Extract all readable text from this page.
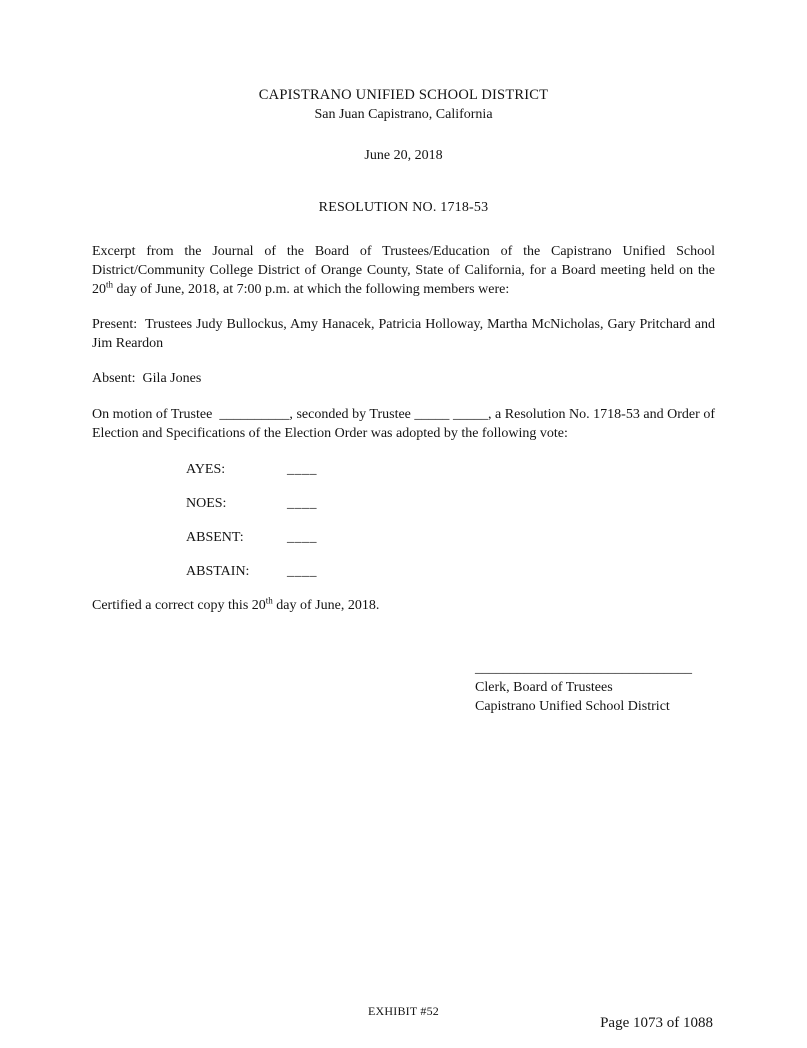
CAPISTRANO UNIFIED SCHOOL DISTRICT
San Juan Capistrano, California
June 20, 2018
RESOLUTION NO. 1718-53

Excerpt from the Journal of the Board of Trustees/Education of the Capistrano Unified School District/Community College District of Orange County, State of California, for a Board meeting held on the 20th day of June, 2018, at 7:00 p.m. at which the following members were:

Present:  Trustees Judy Bullockus, Amy Hanacek, Patricia Holloway, Martha McNicholas, Gary Pritchard and Jim Reardon

Absent:  Gila Jones

On motion of Trustee  __________, seconded by Trustee _____ _____, a Resolution No. 1718-53 and Order of Election and Specifications of the Election Order was adopted by the following vote:

AYES:	____
NOES:	____
ABSENT:	____
ABSTAIN:	____

Certified a correct copy this 20th day of June, 2018.

_______________________________
Clerk, Board of Trustees
Capistrano Unified School District
EXHIBIT #52
Page 1073 of 1088
